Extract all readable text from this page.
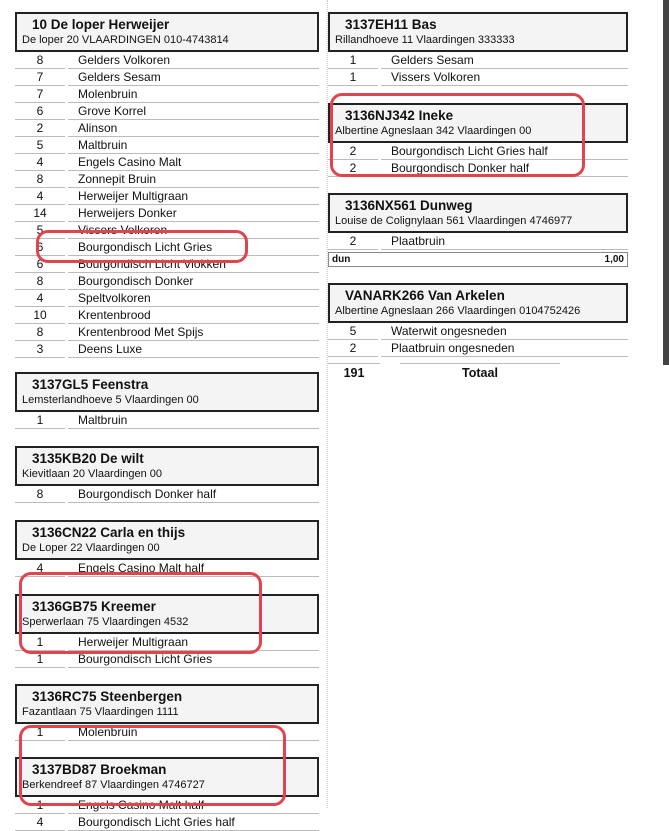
10 De loper Herweijer
De loper 20 VLAARDINGEN 010-4743814
8	Gelders Volkoren
7	Gelders Sesam
7	Molenbruin
6	Grove Korrel
2	Alinson
5	Maltbruin
4	Engels Casino Malt
8	Zonnepit Bruin
4	Herweijer Multigraan
14	Herweijers Donker
5	Vissers Volkoren
6	Bourgondisch Licht Gries
6	Bourgondisch Licht Viokken
8	Bourgondisch Donker
4	Speltvolkoren
10	Krentenbrood
8	Krentenbrood Met Spijs
3	Deens Luxe
3137GL5 Feenstra
Lemsterlandhoeve 5 Vlaardingen 00
1	Maltbruin
3135KB20 De wilt
Kievitlaan 20 Vlaardingen 00
8	Bourgondisch Donker half
3136CN22 Carla en thijs
De Loper 22 Vlaardingen 00
4	Engels Casino Malt half
3136GB75 Kreemer
Sperwerlaan 75 Vlaardingen 4532
1	Herweijer Multigraan
1	Bourgondisch Licht Gries
3136RC75 Steenbergen
Fazantlaan 75 Vlaardingen 1111
1	Molenbruin
3137BD87 Broekman
Berkendreef 87 Vlaardingen 4746727
1	Engels Casino Malt half
4	Bourgondisch Licht Gries half
3137EH11 Bas
Rillandhoeve 11 Vlaardingen 333333
1	Gelders Sesam
1	Vissers Volkoren
3136NJ342 Ineke
Albertine Agneslaan 342 Vlaardingen 00
2	Bourgondisch Licht Gries half
2	Bourgondisch Donker half
3136NX561 Dunweg
Louise de Colignylaan 561 Vlaardingen 4746977
2	Plaatbruin
dun	1,00
VANARK266 Van Arkelen
Albertine Agneslaan 266 Vlaardingen 0104752426
5	Waterwit ongesneden
2	Plaatbruin ongesneden
191	Totaal
